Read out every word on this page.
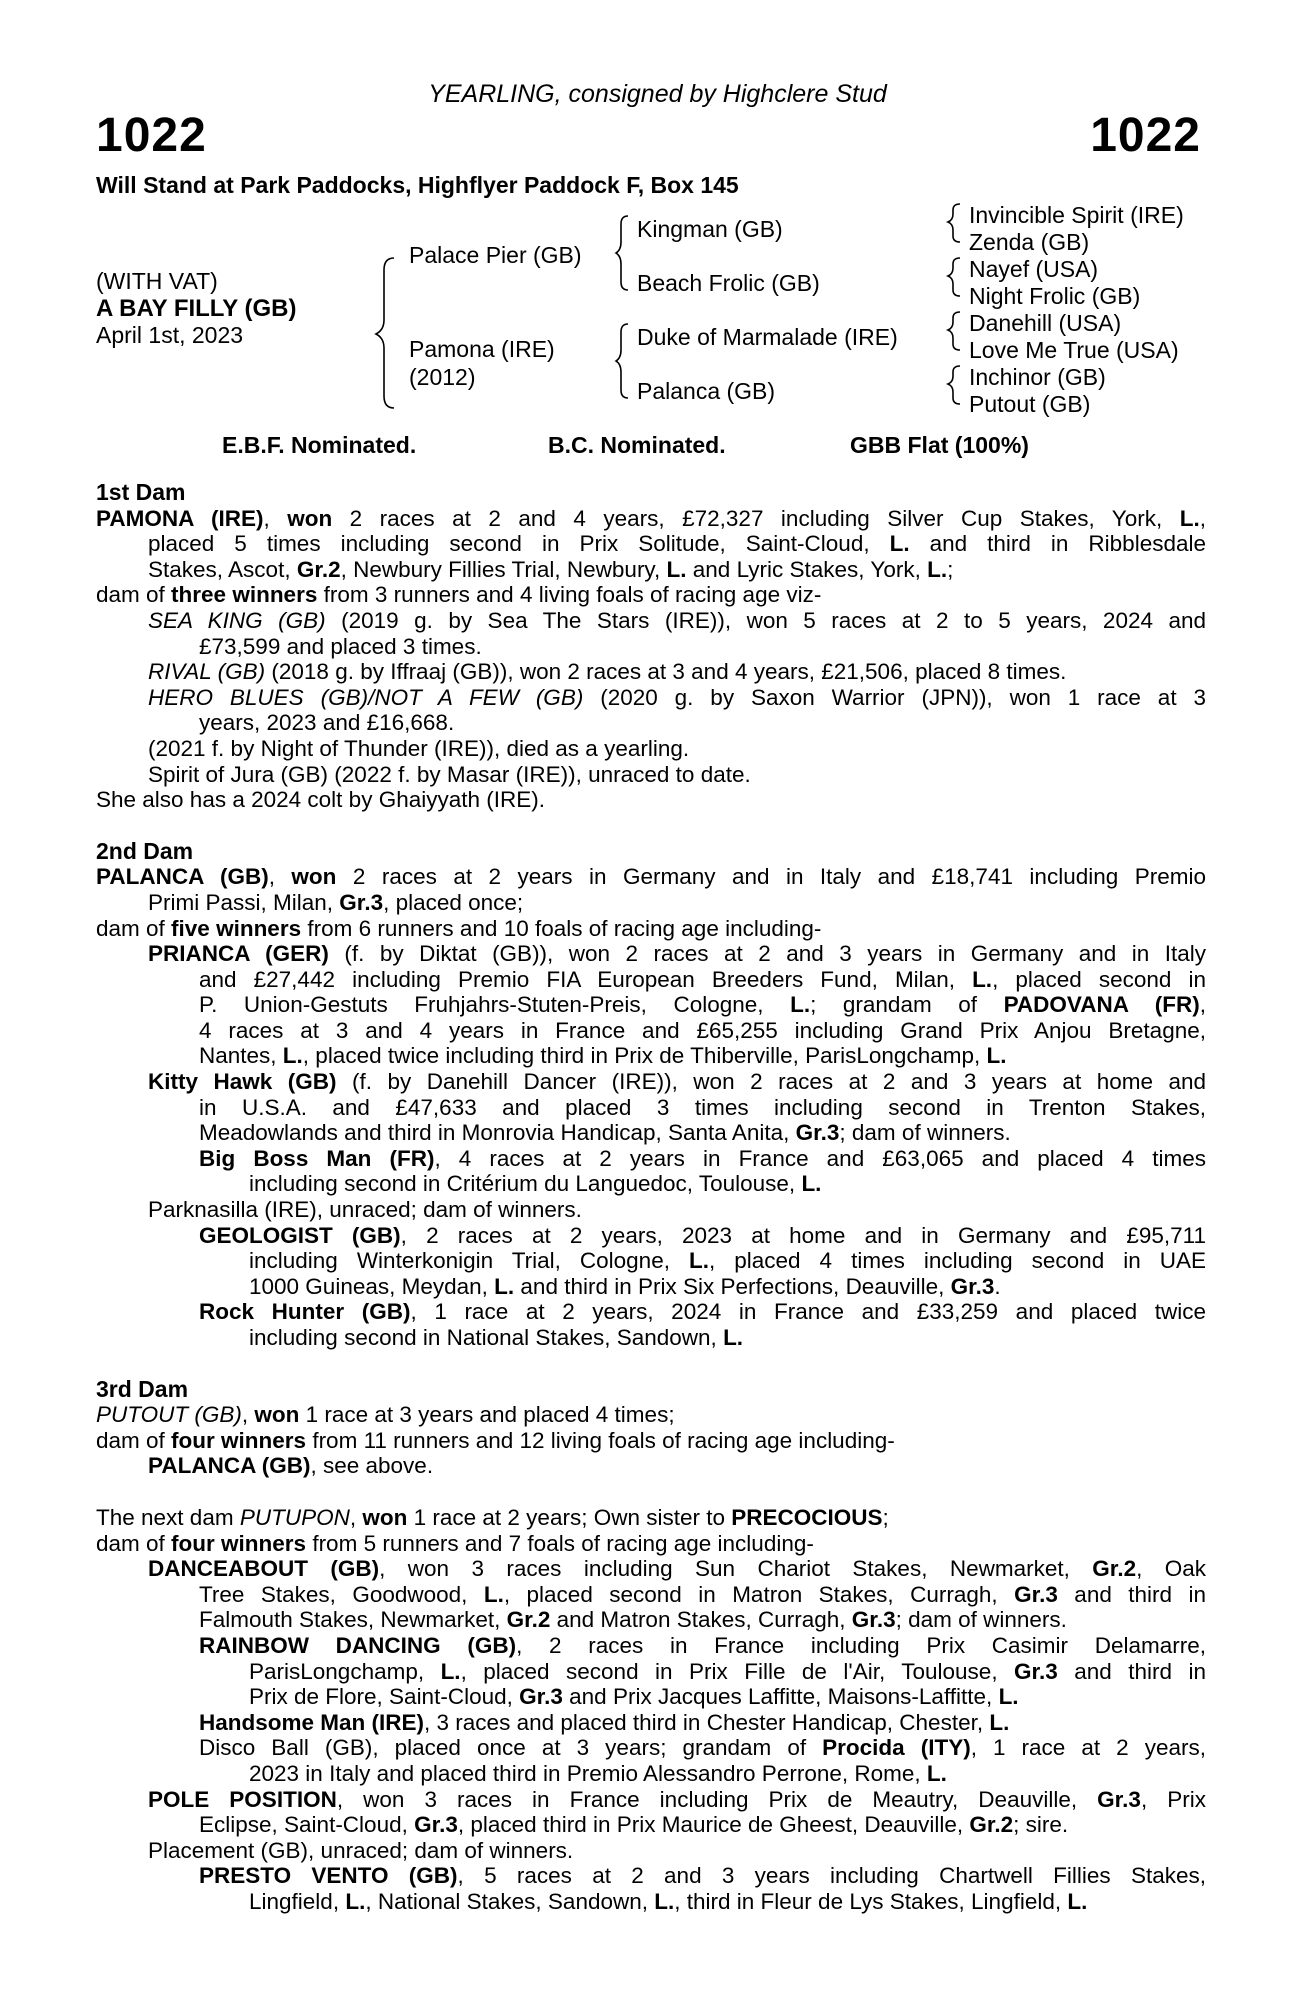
YEARLING, consigned by Highclere Stud
1022	1022
Will Stand at Park Paddocks, Highflyer Paddock F, Box 145
(WITH VAT)
A BAY FILLY (GB)
April 1st, 2023
Palace Pier (GB)
Pamona (IRE)
(2012)
Kingman (GB)
Beach Frolic (GB)
Duke of Marmalade (IRE)
Palanca (GB)
Invincible Spirit (IRE)
Zenda (GB)
Nayef (USA)
Night Frolic (GB)
Danehill (USA)
Love Me True (USA)
Inchinor (GB)
Putout (GB)
E.B.F. Nominated.	B.C. Nominated.	GBB Flat (100%)
1st Dam
PAMONA (IRE), won 2 races at 2 and 4 years, £72,327 including Silver Cup Stakes, York, L.,
placed 5 times including second in Prix Solitude, Saint-Cloud, L. and third in Ribblesdale
Stakes, Ascot, Gr.2, Newbury Fillies Trial, Newbury, L. and Lyric Stakes, York, L.;
dam of three winners from 3 runners and 4 living foals of racing age viz-
SEA KING (GB) (2019 g. by Sea The Stars (IRE)), won 5 races at 2 to 5 years, 2024 and
£73,599 and placed 3 times.
RIVAL (GB) (2018 g. by Iffraaj (GB)), won 2 races at 3 and 4 years, £21,506, placed 8 times.
HERO BLUES (GB)/NOT A FEW (GB) (2020 g. by Saxon Warrior (JPN)), won 1 race at 3
years, 2023 and £16,668.
(2021 f. by Night of Thunder (IRE)), died as a yearling.
Spirit of Jura (GB) (2022 f. by Masar (IRE)), unraced to date.
She also has a 2024 colt by Ghaiyyath (IRE).
2nd Dam
PALANCA (GB), won 2 races at 2 years in Germany and in Italy and £18,741 including Premio
Primi Passi, Milan, Gr.3, placed once;
dam of five winners from 6 runners and 10 foals of racing age including-
PRIANCA (GER) (f. by Diktat (GB)), won 2 races at 2 and 3 years in Germany and in Italy
and £27,442 including Premio FIA European Breeders Fund, Milan, L., placed second in
P. Union-Gestuts Fruhjahrs-Stuten-Preis, Cologne, L.; grandam of PADOVANA (FR),
4 races at 3 and 4 years in France and £65,255 including Grand Prix Anjou Bretagne,
Nantes, L., placed twice including third in Prix de Thiberville, ParisLongchamp, L.
Kitty Hawk (GB) (f. by Danehill Dancer (IRE)), won 2 races at 2 and 3 years at home and
in U.S.A. and £47,633 and placed 3 times including second in Trenton Stakes,
Meadowlands and third in Monrovia Handicap, Santa Anita, Gr.3; dam of winners.
Big Boss Man (FR), 4 races at 2 years in France and £63,065 and placed 4 times
including second in Critérium du Languedoc, Toulouse, L.
Parknasilla (IRE), unraced; dam of winners.
GEOLOGIST (GB), 2 races at 2 years, 2023 at home and in Germany and £95,711
including Winterkonigin Trial, Cologne, L., placed 4 times including second in UAE
1000 Guineas, Meydan, L. and third in Prix Six Perfections, Deauville, Gr.3.
Rock Hunter (GB), 1 race at 2 years, 2024 in France and £33,259 and placed twice
including second in National Stakes, Sandown, L.
3rd Dam
PUTOUT (GB), won 1 race at 3 years and placed 4 times;
dam of four winners from 11 runners and 12 living foals of racing age including-
PALANCA (GB), see above.
The next dam PUTUPON, won 1 race at 2 years; Own sister to PRECOCIOUS;
dam of four winners from 5 runners and 7 foals of racing age including-
DANCEABOUT (GB), won 3 races including Sun Chariot Stakes, Newmarket, Gr.2, Oak
Tree Stakes, Goodwood, L., placed second in Matron Stakes, Curragh, Gr.3 and third in
Falmouth Stakes, Newmarket, Gr.2 and Matron Stakes, Curragh, Gr.3; dam of winners.
RAINBOW DANCING (GB), 2 races in France including Prix Casimir Delamarre,
ParisLongchamp, L., placed second in Prix Fille de l'Air, Toulouse, Gr.3 and third in
Prix de Flore, Saint-Cloud, Gr.3 and Prix Jacques Laffitte, Maisons-Laffitte, L.
Handsome Man (IRE), 3 races and placed third in Chester Handicap, Chester, L.
Disco Ball (GB), placed once at 3 years; grandam of Procida (ITY), 1 race at 2 years,
2023 in Italy and placed third in Premio Alessandro Perrone, Rome, L.
POLE POSITION, won 3 races in France including Prix de Meautry, Deauville, Gr.3, Prix
Eclipse, Saint-Cloud, Gr.3, placed third in Prix Maurice de Gheest, Deauville, Gr.2; sire.
Placement (GB), unraced; dam of winners.
PRESTO VENTO (GB), 5 races at 2 and 3 years including Chartwell Fillies Stakes,
Lingfield, L., National Stakes, Sandown, L., third in Fleur de Lys Stakes, Lingfield, L.
